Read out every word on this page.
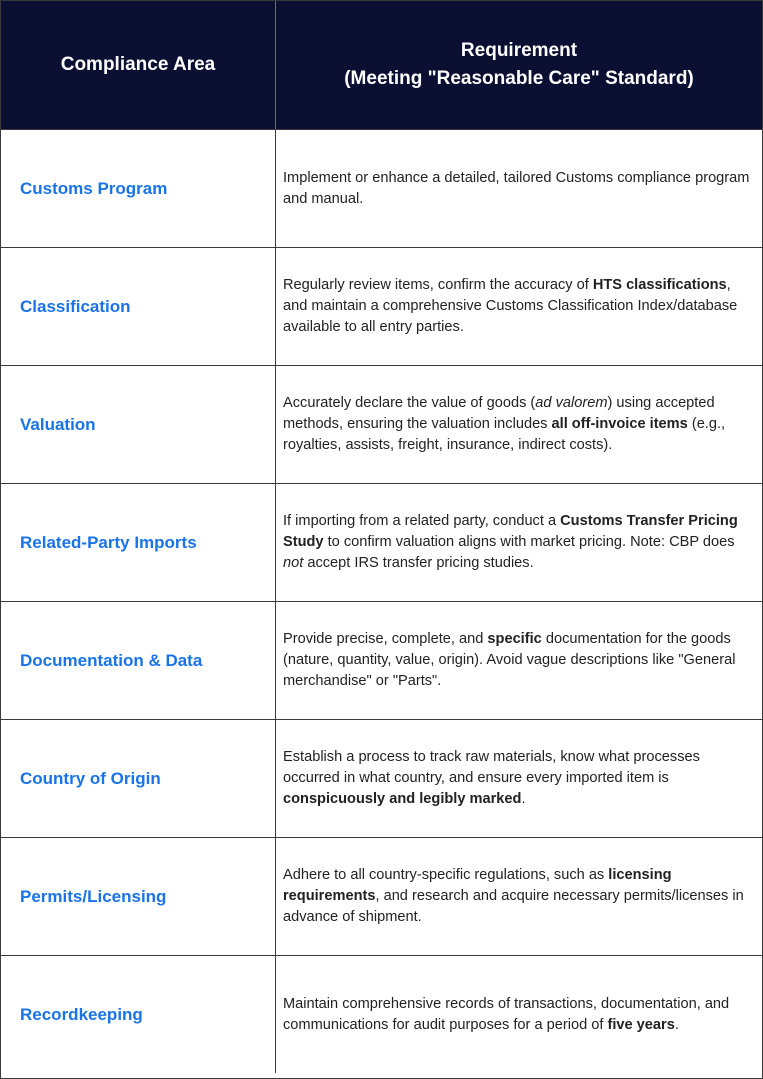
Compliance Area
Requirement
(Meeting "Reasonable Care" Standard)
Customs Program
Implement or enhance a detailed, tailored Customs compliance program and manual.
Classification
Regularly review items, confirm the accuracy of HTS classifications, and maintain a comprehensive Customs Classification Index/database available to all entry parties.
Valuation
Accurately declare the value of goods (ad valorem) using accepted methods, ensuring the valuation includes all off-invoice items (e.g., royalties, assists, freight, insurance, indirect costs).
Related-Party Imports
If importing from a related party, conduct a Customs Transfer Pricing Study to confirm valuation aligns with market pricing. Note: CBP does not accept IRS transfer pricing studies.
Documentation & Data
Provide precise, complete, and specific documentation for the goods (nature, quantity, value, origin). Avoid vague descriptions like "General merchandise" or "Parts".
Country of Origin
Establish a process to track raw materials, know what processes occurred in what country, and ensure every imported item is conspicuously and legibly marked.
Permits/Licensing
Adhere to all country-specific regulations, such as licensing requirements, and research and acquire necessary permits/licenses in advance of shipment.
Recordkeeping
Maintain comprehensive records of transactions, documentation, and communications for audit purposes for a period of five years.
